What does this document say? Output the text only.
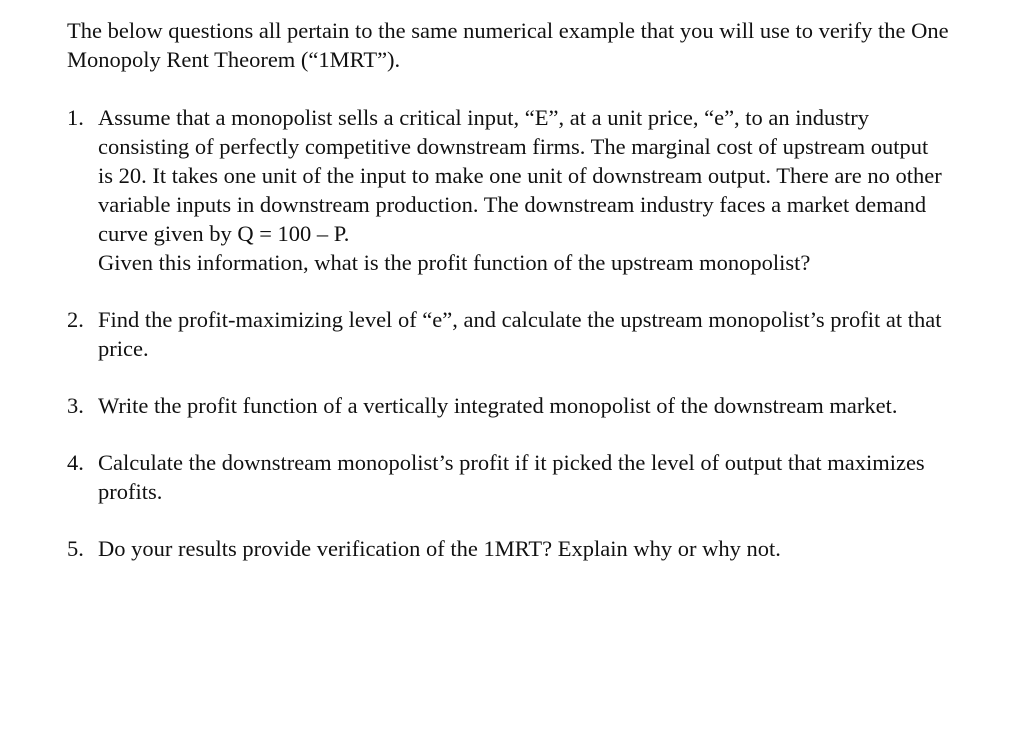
The below questions all pertain to the same numerical example that you will use to verify the One Monopoly Rent Theorem (“1MRT”).

1. Assume that a monopolist sells a critical input, “E”, at a unit price, “e”, to an industry consisting of perfectly competitive downstream firms. The marginal cost of upstream output is 20. It takes one unit of the input to make one unit of downstream output. There are no other variable inputs in downstream production. The downstream industry faces a market demand curve given by Q = 100 – P.

Given this information, what is the profit function of the upstream monopolist?

2. Find the profit-maximizing level of “e”, and calculate the upstream monopolist’s profit at that price.

3. Write the profit function of a vertically integrated monopolist of the downstream market.

4. Calculate the downstream monopolist’s profit if it picked the level of output that maximizes profits.

5. Do your results provide verification of the 1MRT? Explain why or why not.
